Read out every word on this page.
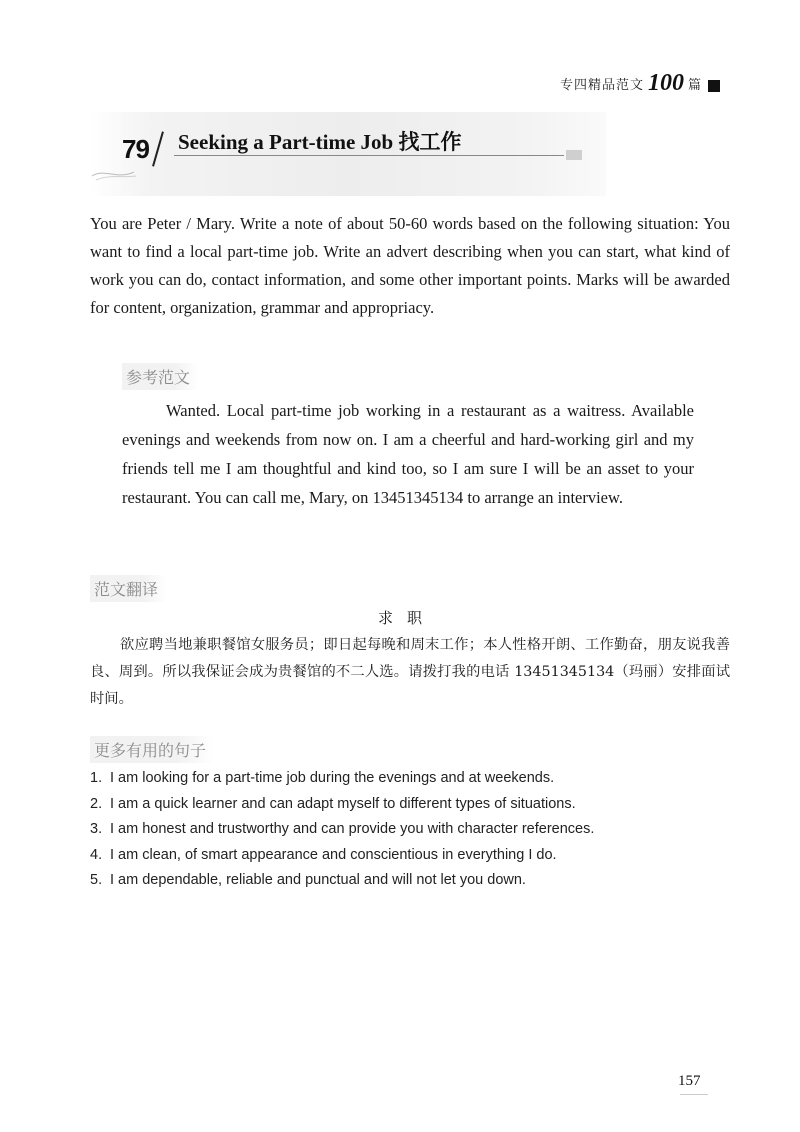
专四精品范文 100 篇
79 Seeking a Part-time Job 找工作

You are Peter / Mary. Write a note of about 50-60 words based on the following situation: You want to find a local part-time job. Write an advert describing when you can start, what kind of work you can do, contact information, and some other important points. Marks will be awarded for content, organization, grammar and appropriacy.

参考范文

Wanted. Local part-time job working in a restaurant as a waitress. Available evenings and weekends from now on. I am a cheerful and hard-working girl and my friends tell me I am thoughtful and kind too, so I am sure I will be an asset to your restaurant. You can call me, Mary, on 13451345134 to arrange an interview.

范文翻译
求职

欲应聘当地兼职餐馆女服务员；即日起每晚和周末工作；本人性格开朗、工作勤奋，朋友说我善良、周到。所以我保证会成为贵餐馆的不二人选。请拨打我的电话 13451345134（玛丽）安排面试时间。

更多有用的句子
1. I am looking for a part-time job during the evenings and at weekends.
2. I am a quick learner and can adapt myself to different types of situations.
3. I am honest and trustworthy and can provide you with character references.
4. I am clean, of smart appearance and conscientious in everything I do.
5. I am dependable, reliable and punctual and will not let you down.
157
